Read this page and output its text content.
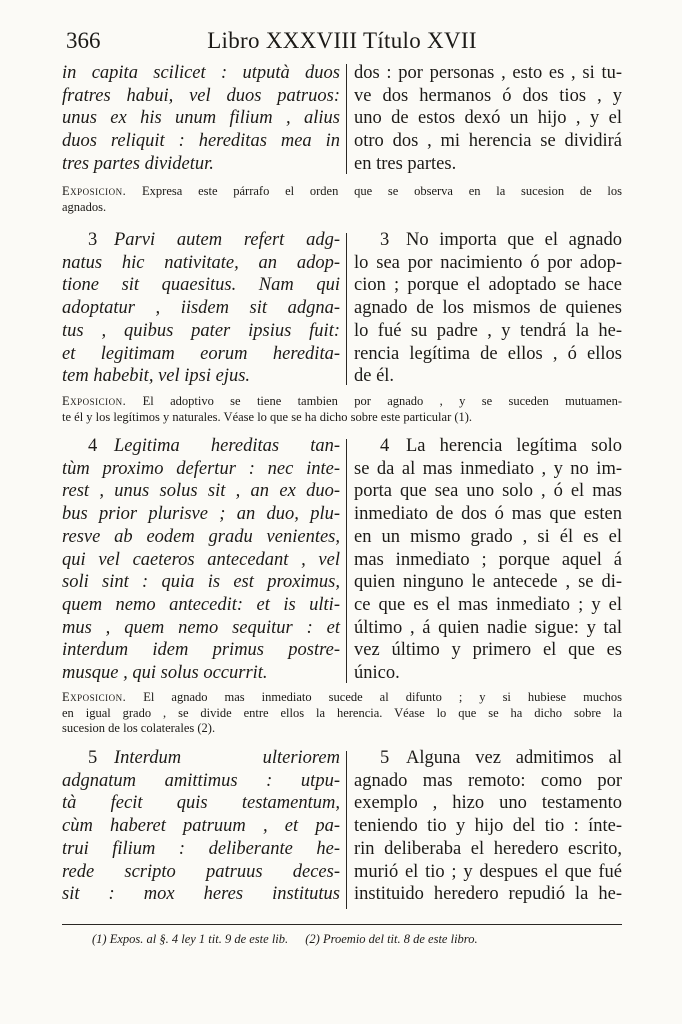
366	Libro XXXVIII Título XVII
in capita scilicet : utputà duos
fratres habui, vel duos patruos:
unus ex his unum filium , alius
duos reliquit : hereditas mea in
tres partes dividetur.
dos : por personas , esto es , si tu-
ve dos hermanos ó dos tios , y
uno de estos dexó un hijo , y el
otro dos , mi herencia se dividirá
en tres partes.
Exposicion. Expresa este párrafo el orden que se observa en la sucesion de los
agnados.
3 Parvi autem refert adg-
natus hic nativitate, an adop-
tione sit quaesitus. Nam qui
adoptatur , iisdem sit adgna-
tus , quibus pater ipsius fuit:
et legitimam eorum heredita-
tem habebit, vel ipsi ejus.
3 No importa que el agnado
lo sea por nacimiento ó por adop-
cion ; porque el adoptado se hace
agnado de los mismos de quienes
lo fué su padre , y tendrá la he-
rencia legítima de ellos , ó ellos
de él.
Exposicion. El adoptivo se tiene tambien por agnado , y se suceden mutuamen-
te él y los legítimos y naturales. Véase lo que se ha dicho sobre este particular (1).
4 Legitima hereditas tan-
tùm proximo defertur : nec inte-
rest , unus solus sit , an ex duo-
bus prior plurisve ; an duo, plu-
resve ab eodem gradu venientes,
qui vel caeteros antecedant , vel
soli sint : quia is est proximus,
quem nemo antecedit: et is ulti-
mus , quem nemo sequitur : et
interdum idem primus postre-
musque , qui solus occurrit.
4 La herencia legítima solo
se da al mas inmediato , y no im-
porta que sea uno solo , ó el mas
inmediato de dos ó mas que esten
en un mismo grado , si él es el
mas inmediato ; porque aquel á
quien ninguno le antecede , se di-
ce que es el mas inmediato ; y el
último , á quien nadie sigue: y tal
vez último y primero el que es
único.
Exposicion. El agnado mas inmediato sucede al difunto ; y si hubiese muchos
en igual grado , se divide entre ellos la herencia. Véase lo que se ha dicho sobre la
sucesion de los colaterales (2).
5 Interdum ulteriorem
adgnatum amittimus : utpu-
tà fecit quis testamentum,
cùm haberet patruum , et pa-
trui filium : deliberante he-
rede scripto patruus deces-
sit : mox heres institutus
5 Alguna vez admitimos al
agnado mas remoto: como por
exemplo , hizo uno testamento
teniendo tio y hijo del tio : ínte-
rin deliberaba el heredero escrito,
murió el tio ; y despues el que fué
instituido heredero repudió la he-
(1) Expos. al §. 4 ley 1 tit. 9 de este lib. (2) Proemio del tit. 8 de este libro.
